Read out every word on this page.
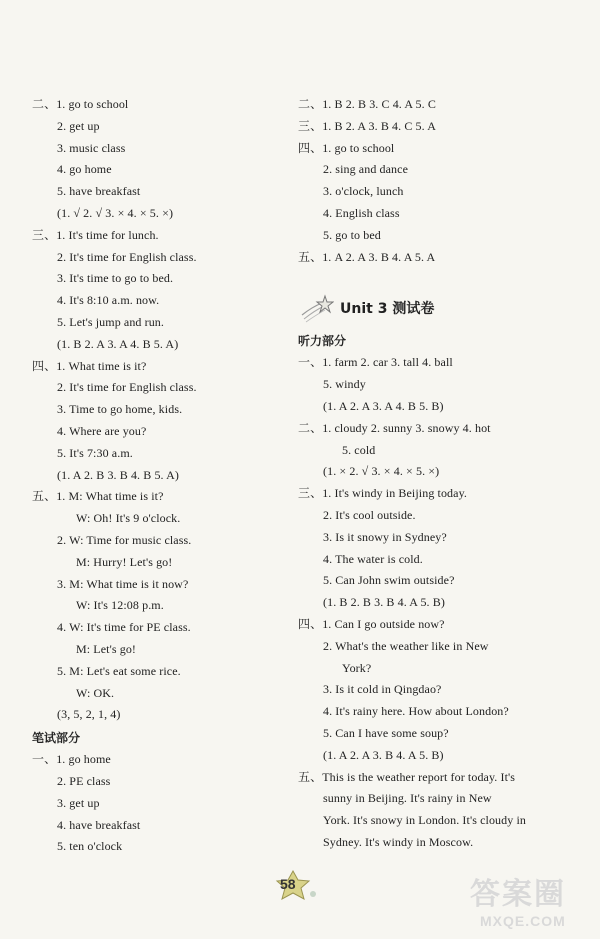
二、1. go to school
2. get up
3. music class
4. go home
5. have breakfast
(1. √ 2. √ 3. × 4. × 5. ×)
三、1. It's time for lunch.
2. It's time for English class.
3. It's time to go to bed.
4. It's 8:10 a.m. now.
5. Let's jump and run.
(1. B 2. A 3. A 4. B 5. A)
四、1. What time is it?
2. It's time for English class.
3. Time to go home, kids.
4. Where are you?
5. It's 7:30 a.m.
(1. A 2. B 3. B 4. B 5. A)
五、1. M: What time is it?
W: Oh! It's 9 o'clock.
2. W: Time for music class.
M: Hurry! Let's go!
3. M: What time is it now?
W: It's 12:08 p.m.
4. W: It's time for PE class.
M: Let's go!
5. M: Let's eat some rice.
W: OK.
(3, 5, 2, 1, 4)
笔试部分
一、1. go home
2. PE class
3. get up
4. have breakfast
5. ten o'clock
二、1. B 2. B 3. C 4. A 5. C
三、1. B 2. A 3. B 4. C 5. A
四、1. go to school
2. sing and dance
3. o'clock, lunch
4. English class
5. go to bed
五、1. A 2. A 3. B 4. A 5. A
Unit 3 测试卷
听力部分
一、1. farm 2. car 3. tall 4. ball
5. windy
(1. A 2. A 3. A 4. B 5. B)
二、1. cloudy 2. sunny 3. snowy 4. hot
5. cold
(1. × 2. √ 3. × 4. × 5. ×)
三、1. It's windy in Beijing today.
2. It's cool outside.
3. Is it snowy in Sydney?
4. The water is cold.
5. Can John swim outside?
(1. B 2. B 3. B 4. A 5. B)
四、1. Can I go outside now?
2. What's the weather like in New
York?
3. Is it cold in Qingdao?
4. It's rainy here. How about London?
5. Can I have some soup?
(1. A 2. A 3. B 4. A 5. B)
五、This is the weather report for today. It's
sunny in Beijing. It's rainy in New
York. It's snowy in London. It's cloudy in
Sydney. It's windy in Moscow.
58	答案圈
MXQE.COM
